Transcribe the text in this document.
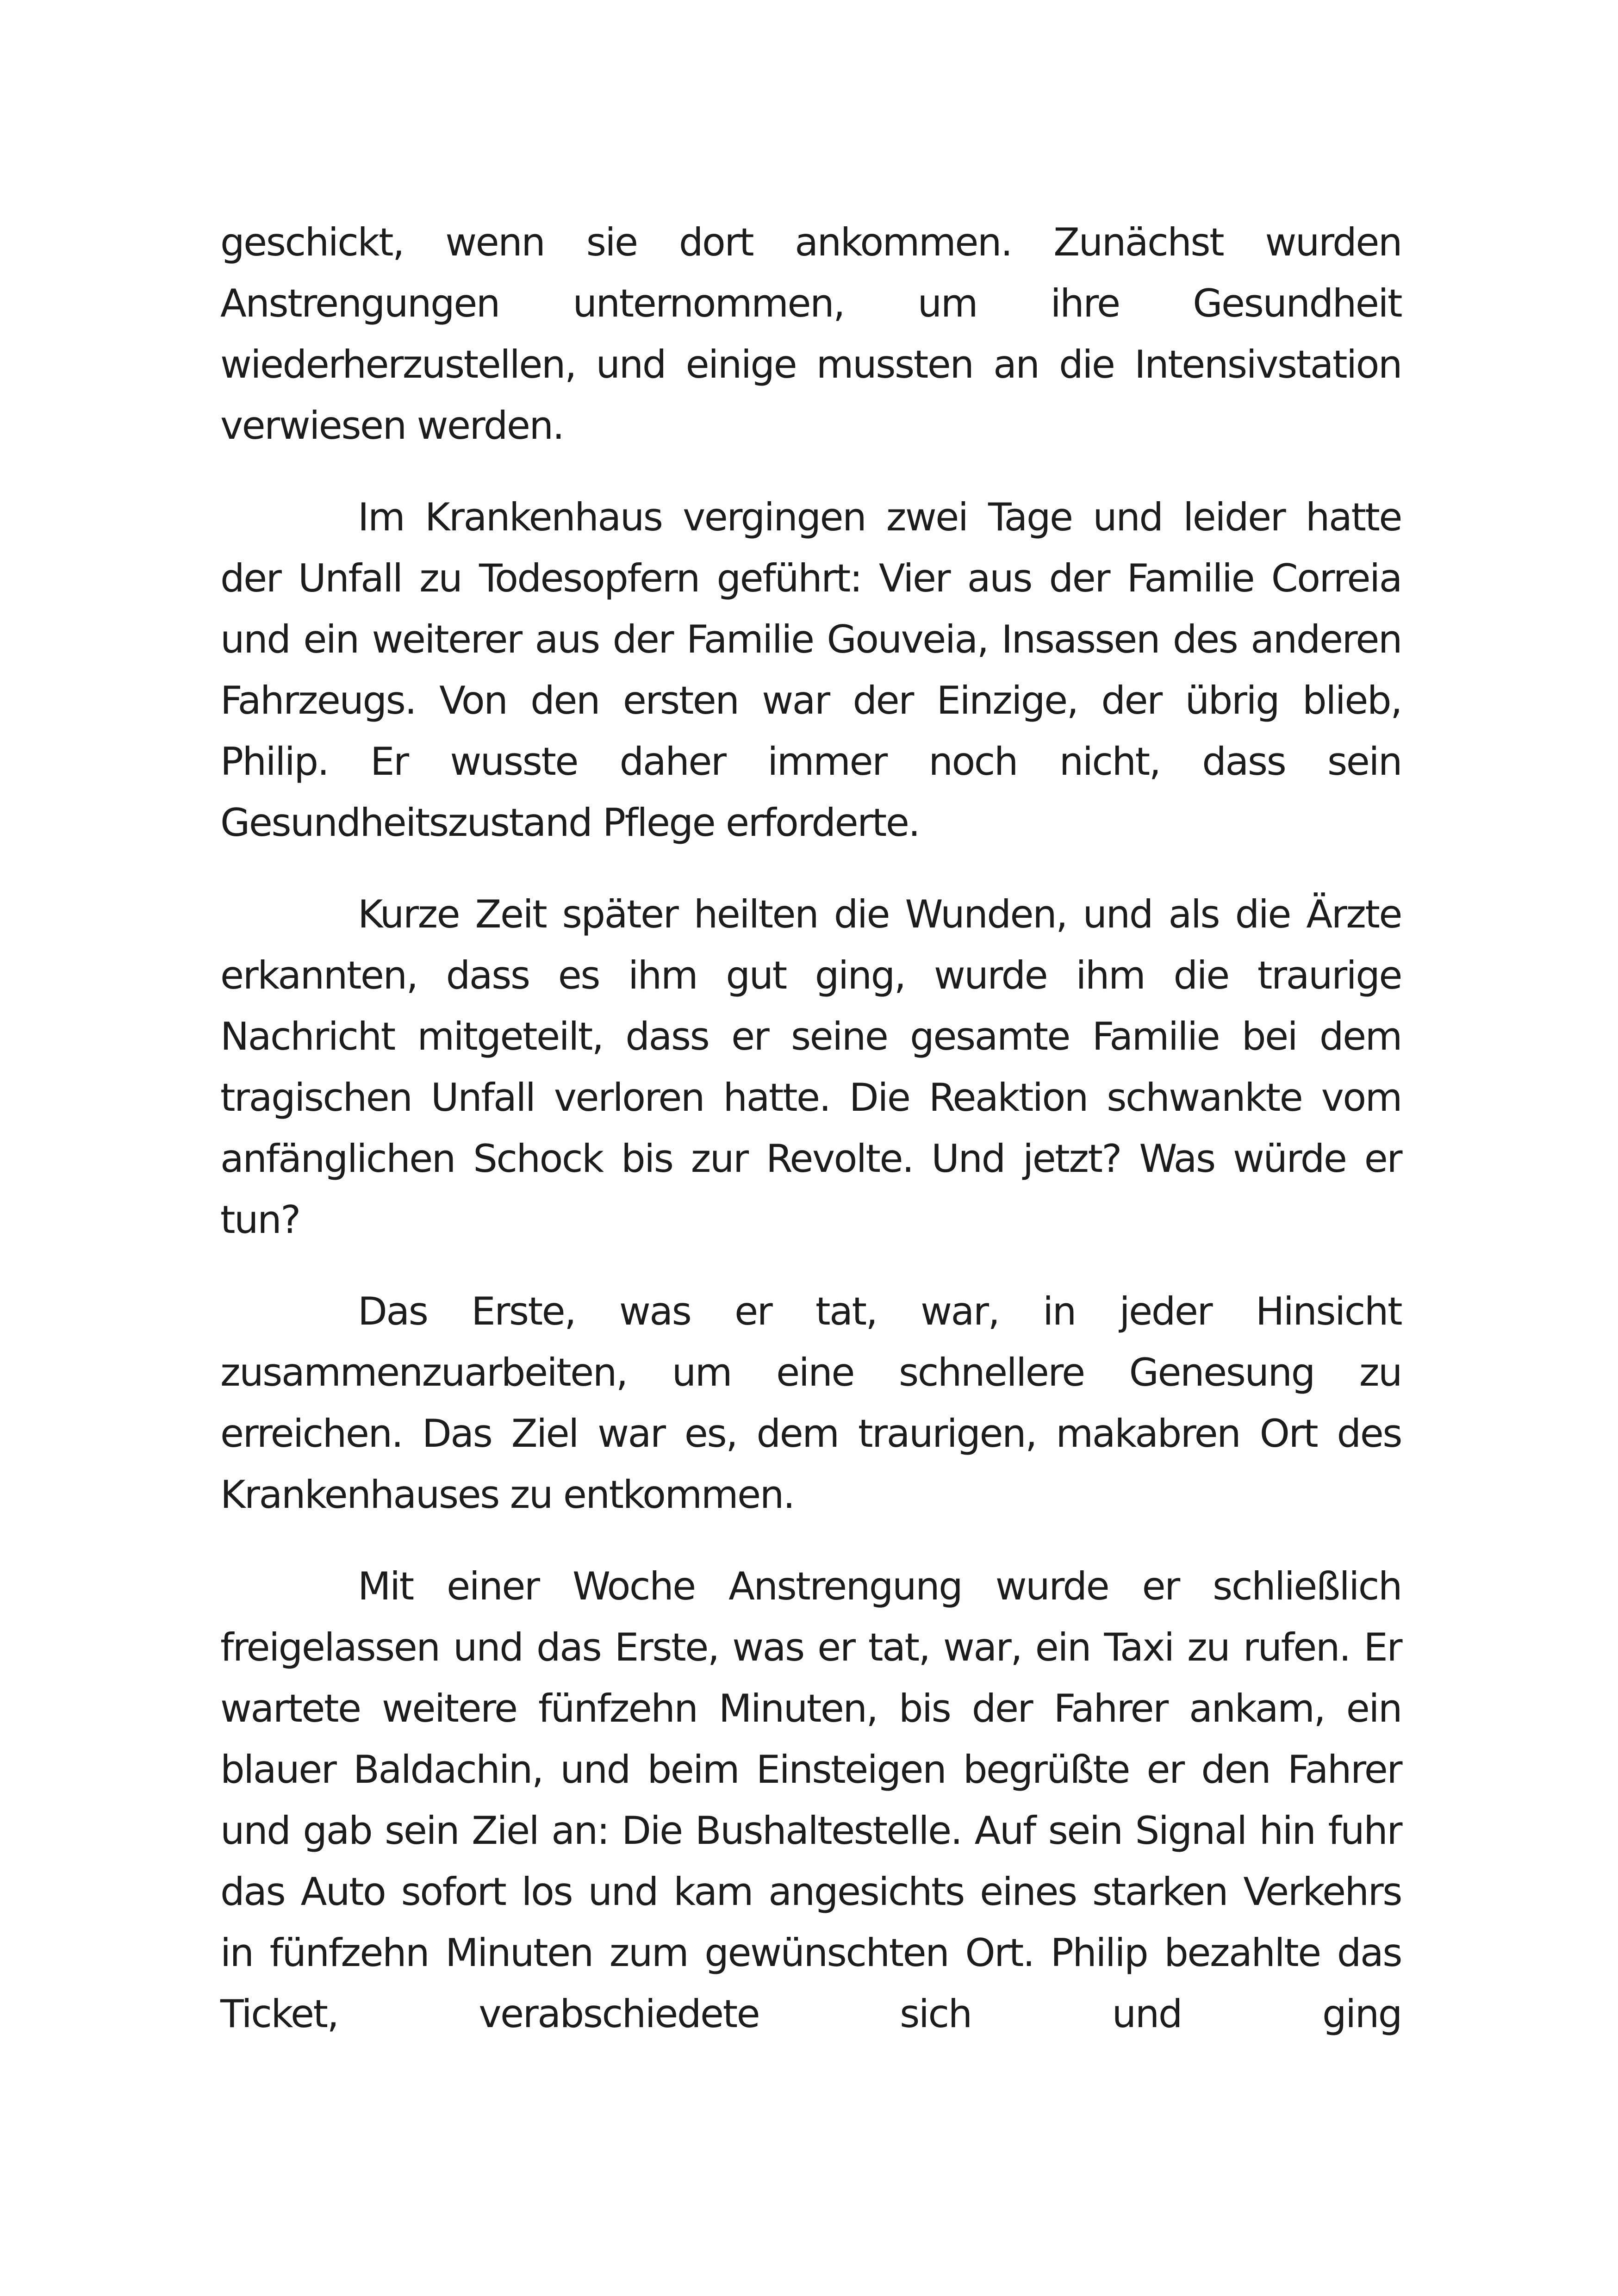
geschickt, wenn sie dort ankommen. Zunächst wurden Anstrengungen unternommen, um ihre Gesundheit wiederherzustellen, und einige mussten an die Intensivstation verwiesen werden.

Im Krankenhaus vergingen zwei Tage und leider hatte der Unfall zu Todesopfern geführt: Vier aus der Familie Correia und ein weiterer aus der Familie Gouveia, Insassen des anderen Fahrzeugs. Von den ersten war der Einzige, der übrig blieb, Philip. Er wusste daher immer noch nicht, dass sein Gesundheitszustand Pflege erforderte.

Kurze Zeit später heilten die Wunden, und als die Ärzte erkannten, dass es ihm gut ging, wurde ihm die traurige Nachricht mitgeteilt, dass er seine gesamte Familie bei dem tragischen Unfall verloren hatte. Die Reaktion schwankte vom anfänglichen Schock bis zur Revolte. Und jetzt? Was würde er tun?

Das Erste, was er tat, war, in jeder Hinsicht zusammenzuarbeiten, um eine schnellere Genesung zu erreichen. Das Ziel war es, dem traurigen, makabren Ort des Krankenhauses zu entkommen.

Mit einer Woche Anstrengung wurde er schließlich freigelassen und das Erste, was er tat, war, ein Taxi zu rufen. Er wartete weitere fünfzehn Minuten, bis der Fahrer ankam, ein blauer Baldachin, und beim Einsteigen begrüßte er den Fahrer und gab sein Ziel an: Die Bushaltestelle. Auf sein Signal hin fuhr das Auto sofort los und kam angesichts eines starken Verkehrs in fünfzehn Minuten zum gewünschten Ort. Philip bezahlte das Ticket, verabschiedete sich und ging
